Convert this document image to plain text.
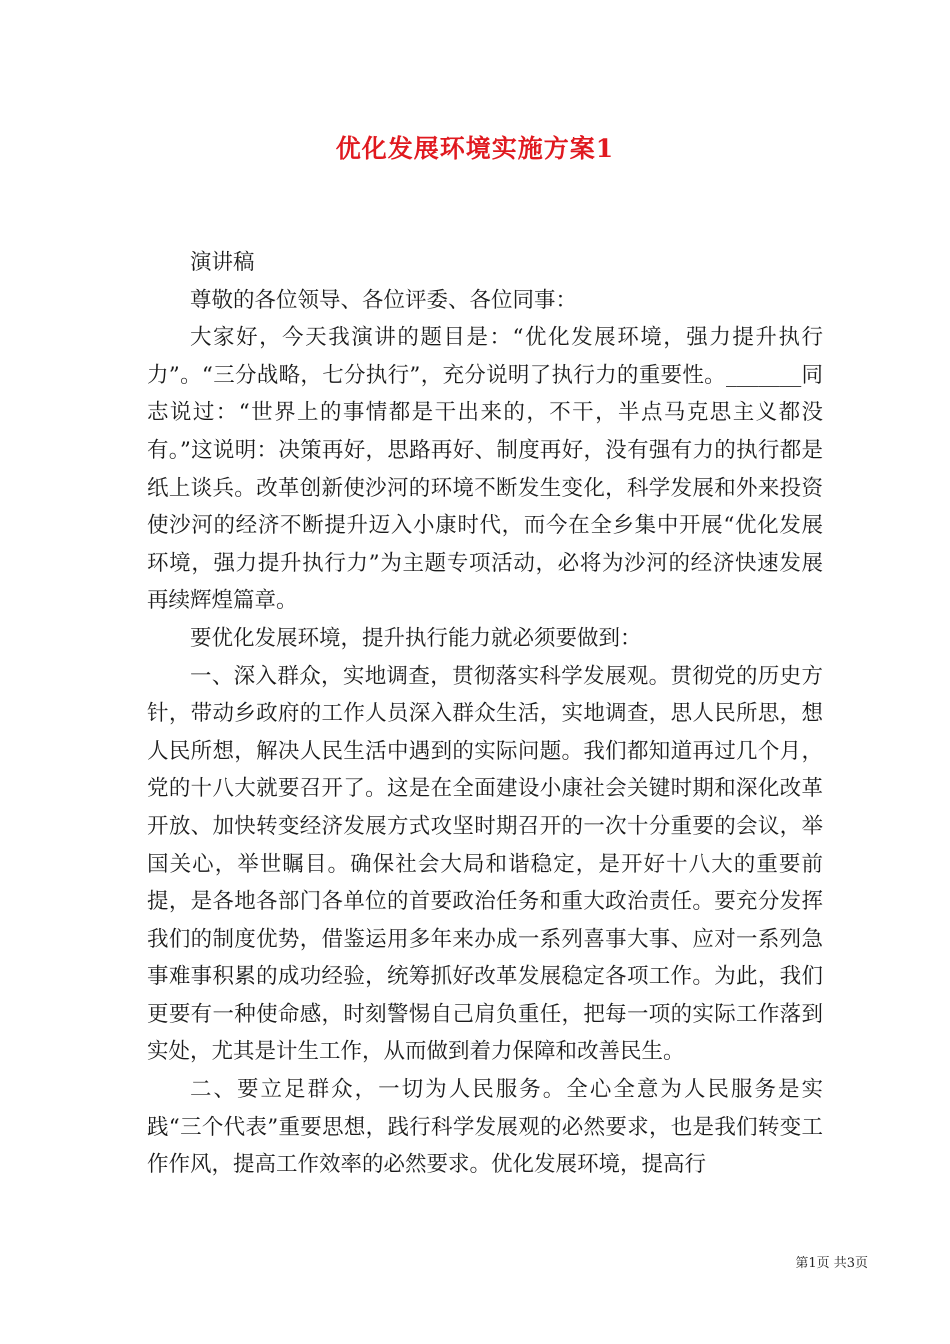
优化发展环境实施方案1

演讲稿

尊敬的各位领导、各位评委、各位同事：

大家好，今天我演讲的题目是：“优化发展环境，强力提升执行力”。“三分战略，七分执行”，充分说明了执行力的重要性。_______同志说过：“世界上的事情都是干出来的，不干，半点马克思主义都没有。”这说明：决策再好，思路再好、制度再好，没有强有力的执行都是纸上谈兵。改革创新使沙河的环境不断发生变化，科学发展和外来投资使沙河的经济不断提升迈入小康时代，而今在全乡集中开展“优化发展环境，强力提升执行力”为主题专项活动，必将为沙河的经济快速发展再续辉煌篇章。

要优化发展环境，提升执行能力就必须要做到：

一、深入群众，实地调查，贯彻落实科学发展观。贯彻党的历史方针，带动乡政府的工作人员深入群众生活，实地调查，思人民所思，想人民所想，解决人民生活中遇到的实际问题。我们都知道再过几个月，党的十八大就要召开了。这是在全面建设小康社会关键时期和深化改革开放、加快转变经济发展方式攻坚时期召开的一次十分重要的会议，举国关心，举世瞩目。确保社会大局和谐稳定，是开好十八大的重要前提，是各地各部门各单位的首要政治任务和重大政治责任。要充分发挥我们的制度优势，借鉴运用多年来办成一系列喜事大事、应对一系列急事难事积累的成功经验，统筹抓好改革发展稳定各项工作。为此，我们更要有一种使命感，时刻警惕自己肩负重任，把每一项的实际工作落到实处，尤其是计生工作，从而做到着力保障和改善民生。

二、要立足群众，一切为人民服务。全心全意为人民服务是实践“三个代表”重要思想，践行科学发展观的必然要求，也是我们转变工作作风，提高工作效率的必然要求。优化发展环境，提高行

第1页 共3页
